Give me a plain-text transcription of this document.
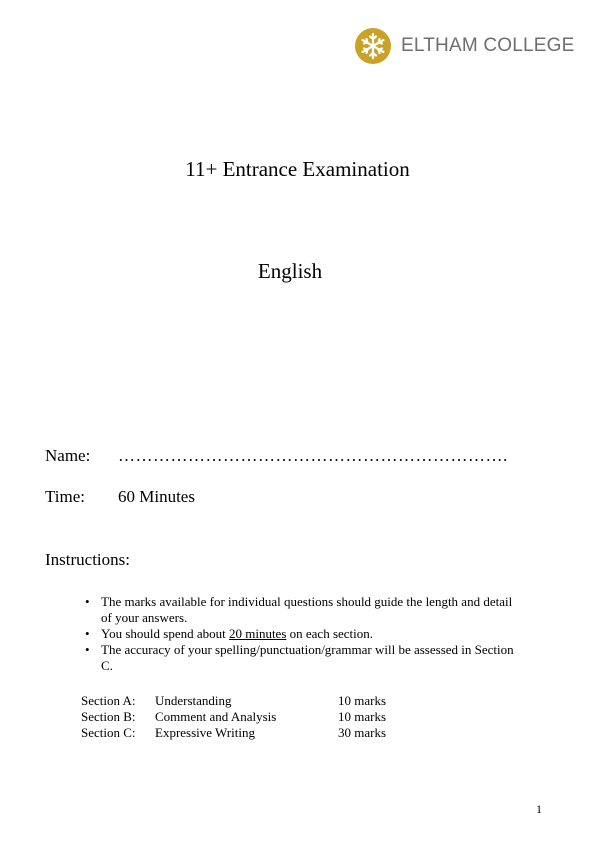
ELTHAM COLLEGE
11+ Entrance Examination
English
Name: ………………………………………………………….
Time: 60 Minutes
Instructions:
• The marks available for individual questions should guide the length and detail of your answers.
• You should spend about 20 minutes on each section.
• The accuracy of your spelling/punctuation/grammar will be assessed in Section C.
Section A:	Understanding	10 marks
Section B:	Comment and Analysis	10 marks
Section C:	Expressive Writing	30 marks
1
